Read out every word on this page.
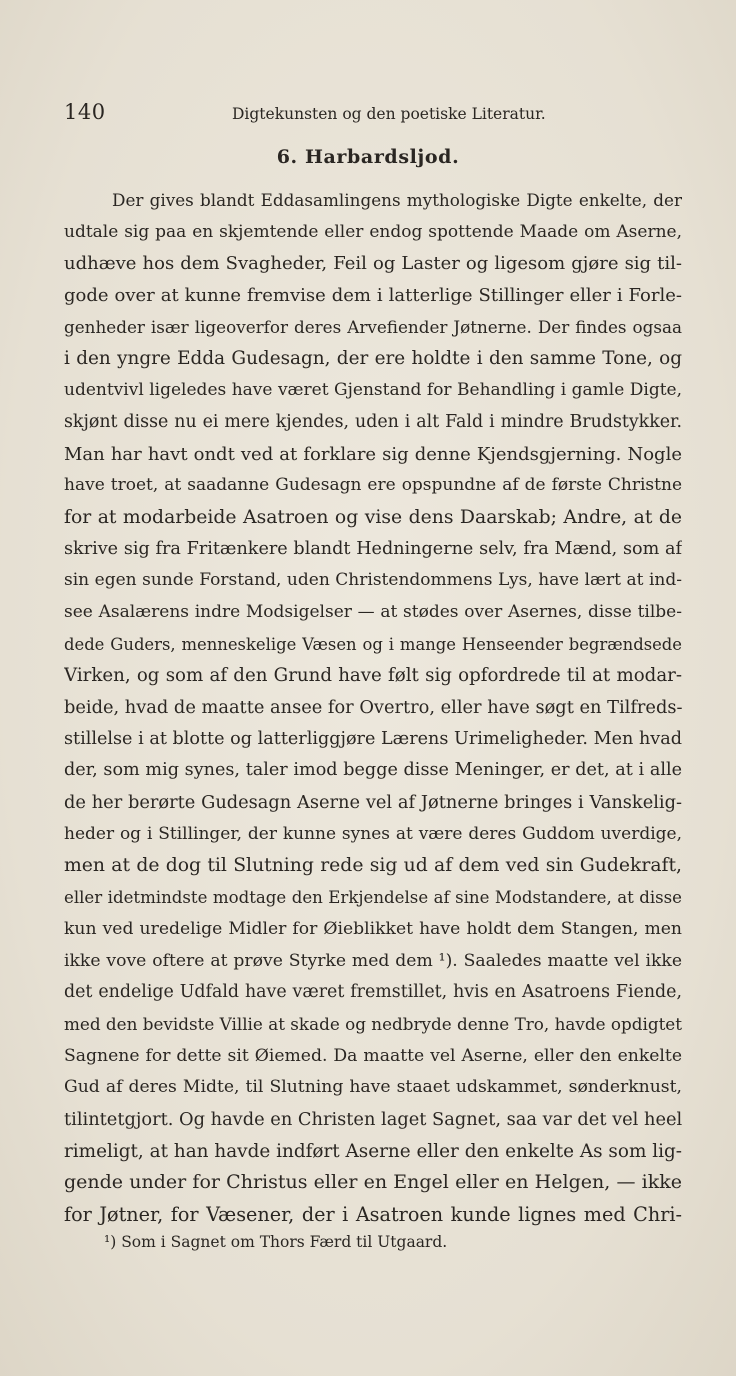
140	Digtekunsten og den poetiske Literatur.
6. Harbardsljod.
Der gives blandt Eddasamlingens mythologiske Digte enkelte, der
udtale sig paa en skjemtende eller endog spottende Maade om Aserne,
udhæve hos dem Svagheder, Feil og Laster og ligesom gjøre sig til-
gode over at kunne fremvise dem i latterlige Stillinger eller i Forle-
genheder især ligeoverfor deres Arvefiender Jøtnerne. Der findes ogsaa
i den yngre Edda Gudesagn, der ere holdte i den samme Tone, og
udentvivl ligeledes have været Gjenstand for Behandling i gamle Digte,
skjønt disse nu ei mere kjendes, uden i alt Fald i mindre Brudstykker.
Man har havt ondt ved at forklare sig denne Kjendsgjerning. Nogle
have troet, at saadanne Gudesagn ere opspundne af de første Christne
for at modarbeide Asatroen og vise dens Daarskab; Andre, at de
skrive sig fra Fritænkere blandt Hedningerne selv, fra Mænd, som af
sin egen sunde Forstand, uden Christendommens Lys, have lært at ind-
see Asalærens indre Modsigelser — at stødes over Asernes, disse tilbe-
dede Guders, menneskelige Væsen og i mange Henseender begrændsede
Virken, og som af den Grund have følt sig opfordrede til at modar-
beide, hvad de maatte ansee for Overtro, eller have søgt en Tilfreds-
stillelse i at blotte og latterliggjøre Lærens Urimeligheder. Men hvad
der, som mig synes, taler imod begge disse Meninger, er det, at i alle
de her berørte Gudesagn Aserne vel af Jøtnerne bringes i Vanskelig-
heder og i Stillinger, der kunne synes at være deres Guddom uverdige,
men at de dog til Slutning rede sig ud af dem ved sin Gudekraft,
eller idetmindste modtage den Erkjendelse af sine Modstandere, at disse
kun ved uredelige Midler for Øieblikket have holdt dem Stangen, men
ikke vove oftere at prøve Styrke med dem ¹). Saaledes maatte vel ikke
det endelige Udfald have været fremstillet, hvis en Asatroens Fiende,
med den bevidste Villie at skade og nedbryde denne Tro, havde opdigtet
Sagnene for dette sit Øiemed. Da maatte vel Aserne, eller den enkelte
Gud af deres Midte, til Slutning have staaet udskammet, sønderknust,
tilintetgjort. Og havde en Christen laget Sagnet, saa var det vel heel
rimeligt, at han havde indført Aserne eller den enkelte As som lig-
gende under for Christus eller en Engel eller en Helgen, — ikke
for Jøtner, for Væsener, der i Asatroen kunde lignes med Chri-
¹) Som i Sagnet om Thors Færd til Utgaard.
